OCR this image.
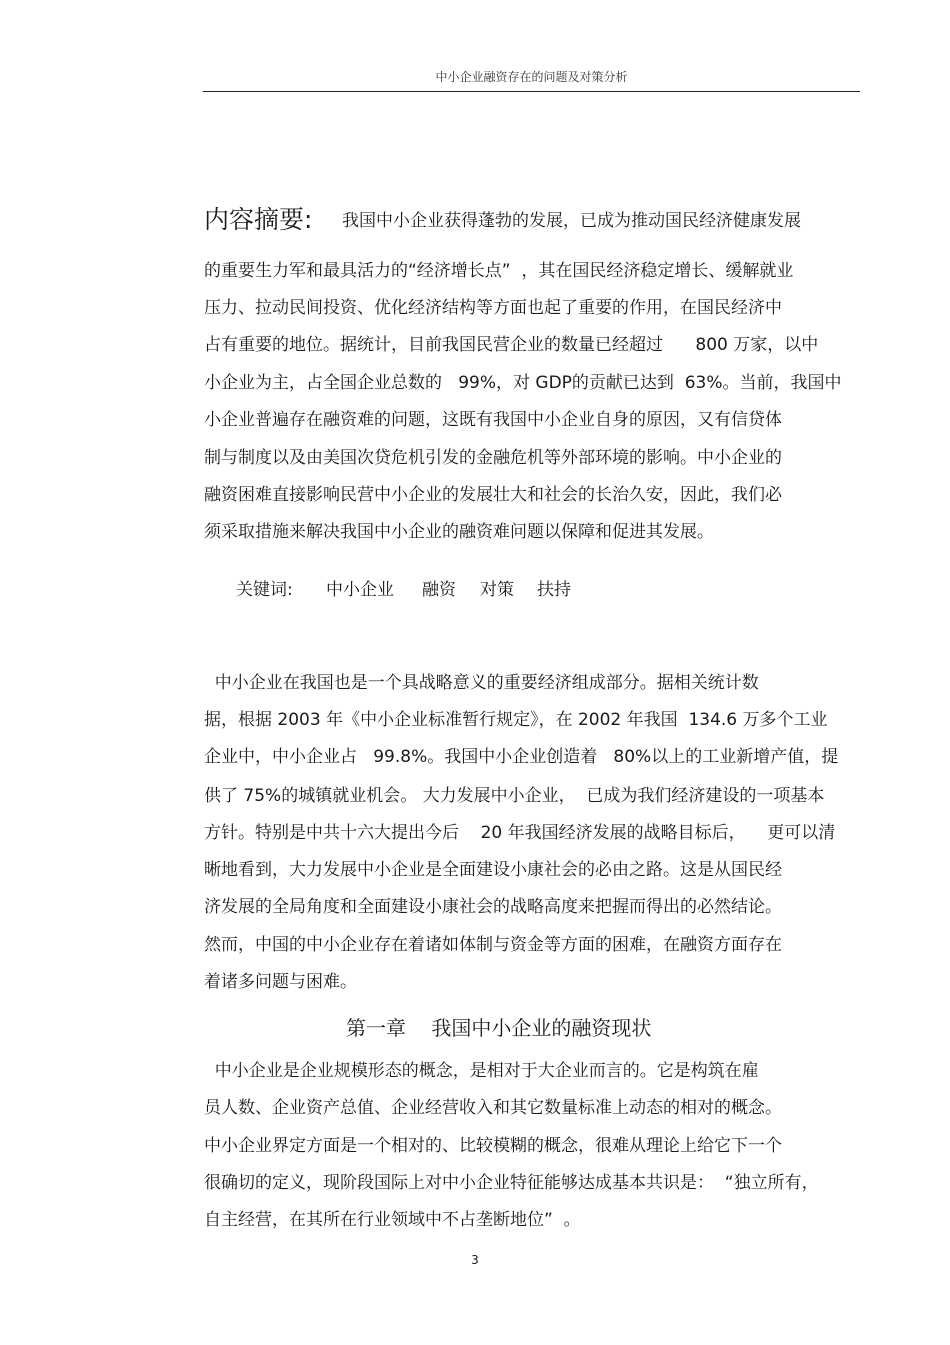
中小企业融资存在的问题及对策分析
内容摘要: 我国中小企业获得蓬勃的发展，已成为推动国民经济健康发展
的重要生力军和最具活力的“经济增长点”  ，其在国民经济稳定增长、缓解就业
压力、拉动民间投资、优化经济结构等方面也起了重要的作用，在国民经济中
占有重要的地位。据统计，目前我国民营企业的数量已经超过      800 万家，以中
小企业为主，占全国企业总数的   99%，对 GDP的贡献已达到  63%。当前，我国中
小企业普遍存在融资难的问题，这既有我国中小企业自身的原因，又有信贷体
制与制度以及由美国次贷危机引发的金融危机等外部环境的影响。中小企业的
融资困难直接影响民营中小企业的发展壮大和社会的长治久安，因此，我们必
须采取措施来解决我国中小企业的融资难问题以保障和促进其发展。
关键词: 中小企业 融资 对策 扶持
中小企业在我国也是一个具战略意义的重要经济组成部分。据相关统计数
据，根据 2003 年《中小企业标准暂行规定》，在 2002 年我国  134.6 万多个工业
企业中，中小企业占   99.8%。我国中小企业创造着   80%以上的工业新增产值，提
供了 75%的城镇就业机会。 大力发展中小企业，  已成为我们经济建设的一项基本
方针。特别是中共十六大提出今后    20 年我国经济发展的战略目标后，    更可以清
晰地看到，大力发展中小企业是全面建设小康社会的必由之路。这是从国民经
济发展的全局角度和全面建设小康社会的战略高度来把握而得出的必然结论。
然而，中国的中小企业存在着诸如体制与资金等方面的困难，在融资方面存在
着诸多问题与困难。
第一章    我国中小企业的融资现状
中小企业是企业规模形态的概念，是相对于大企业而言的。它是构筑在雇
员人数、企业资产总值、企业经营收入和其它数量标准上动态的相对的概念。
中小企业界定方面是一个相对的、比较模糊的概念，很难从理论上给它下一个
很确切的定义，现阶段国际上对中小企业特征能够达成基本共识是：  “独立所有，
自主经营，在其所在行业领域中不占垄断地位”  。
3
